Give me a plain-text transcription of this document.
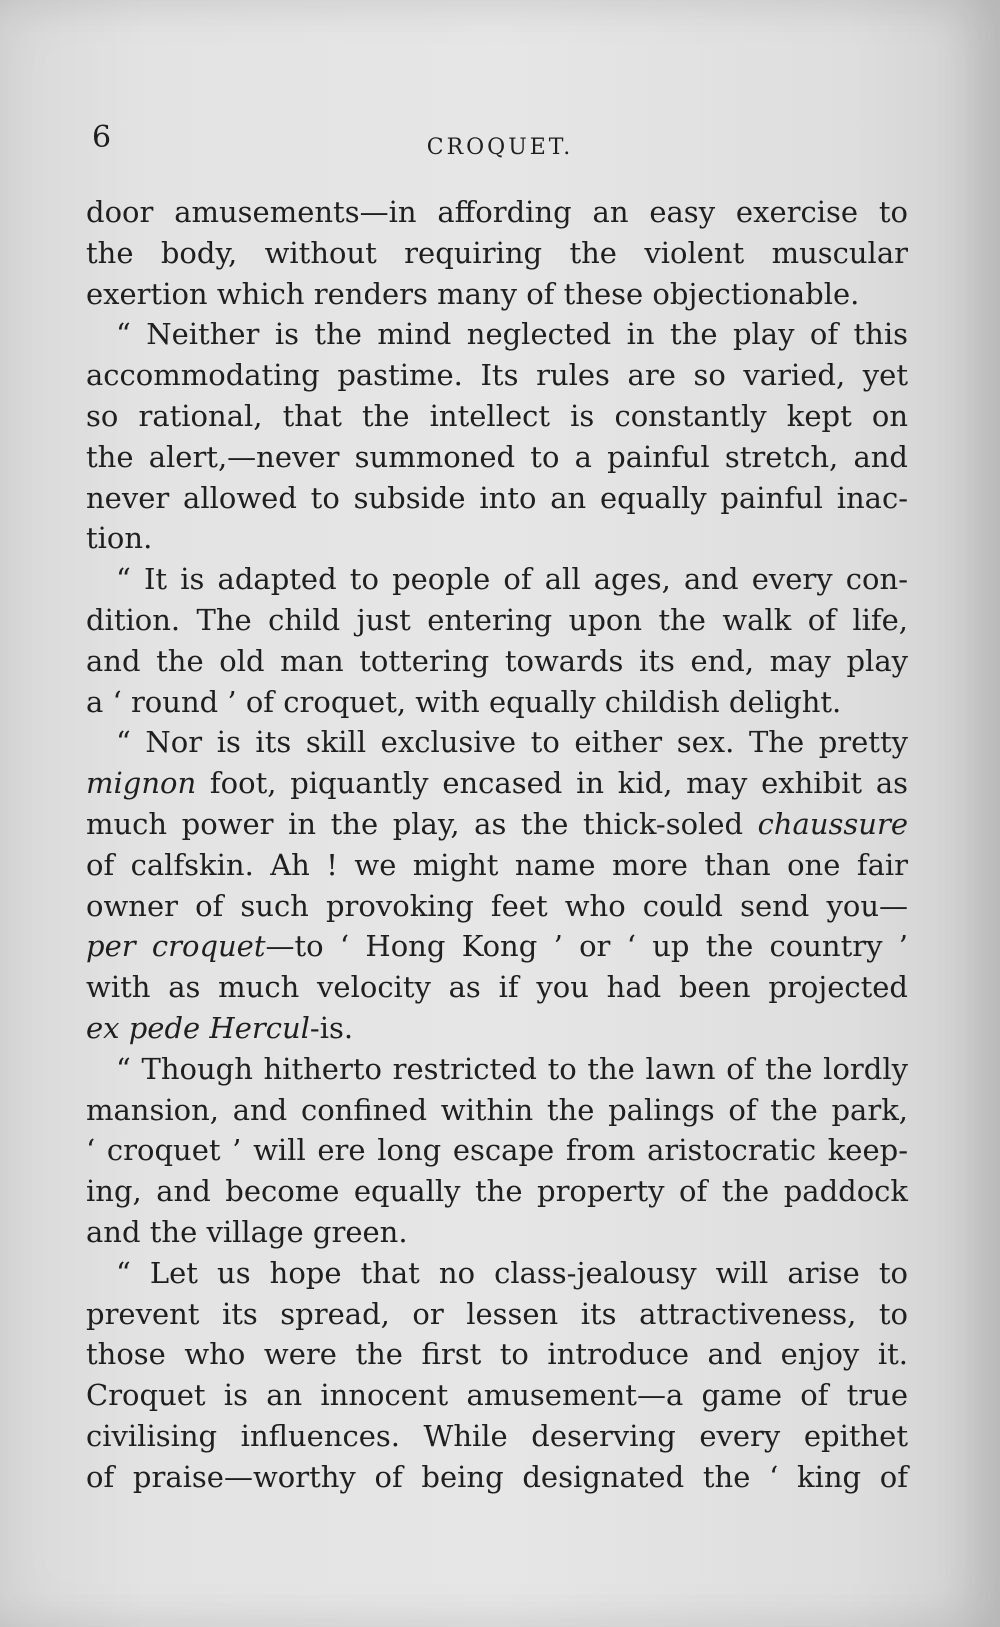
6	CROQUET.
door amusements—in affording an easy exercise to
the body, without requiring the violent muscular
exertion which renders many of these objectionable.
“ Neither is the mind neglected in the play of this
accommodating pastime. Its rules are so varied, yet
so rational, that the intellect is constantly kept on
the alert,—never summoned to a painful stretch, and
never allowed to subside into an equally painful inac-
tion.
“ It is adapted to people of all ages, and every con-
dition. The child just entering upon the walk of life,
and the old man tottering towards its end, may play
a ‘ round ’ of croquet, with equally childish delight.
“ Nor is its skill exclusive to either sex. The pretty
mignon foot, piquantly encased in kid, may exhibit as
much power in the play, as the thick-soled chaussure
of calfskin. Ah ! we might name more than one fair
owner of such provoking feet who could send you—
per croquet—to ‘ Hong Kong ’ or ‘ up the country ’
with as much velocity as if you had been projected
ex pede Hercul-is.
“ Though hitherto restricted to the lawn of the lordly
mansion, and confined within the palings of the park,
‘ croquet ’ will ere long escape from aristocratic keep-
ing, and become equally the property of the paddock
and the village green.
“ Let us hope that no class-jealousy will arise to
prevent its spread, or lessen its attractiveness, to
those who were the first to introduce and enjoy it.
Croquet is an innocent amusement—a game of true
civilising influences. While deserving every epithet
of praise—worthy of being designated the ‘ king of
